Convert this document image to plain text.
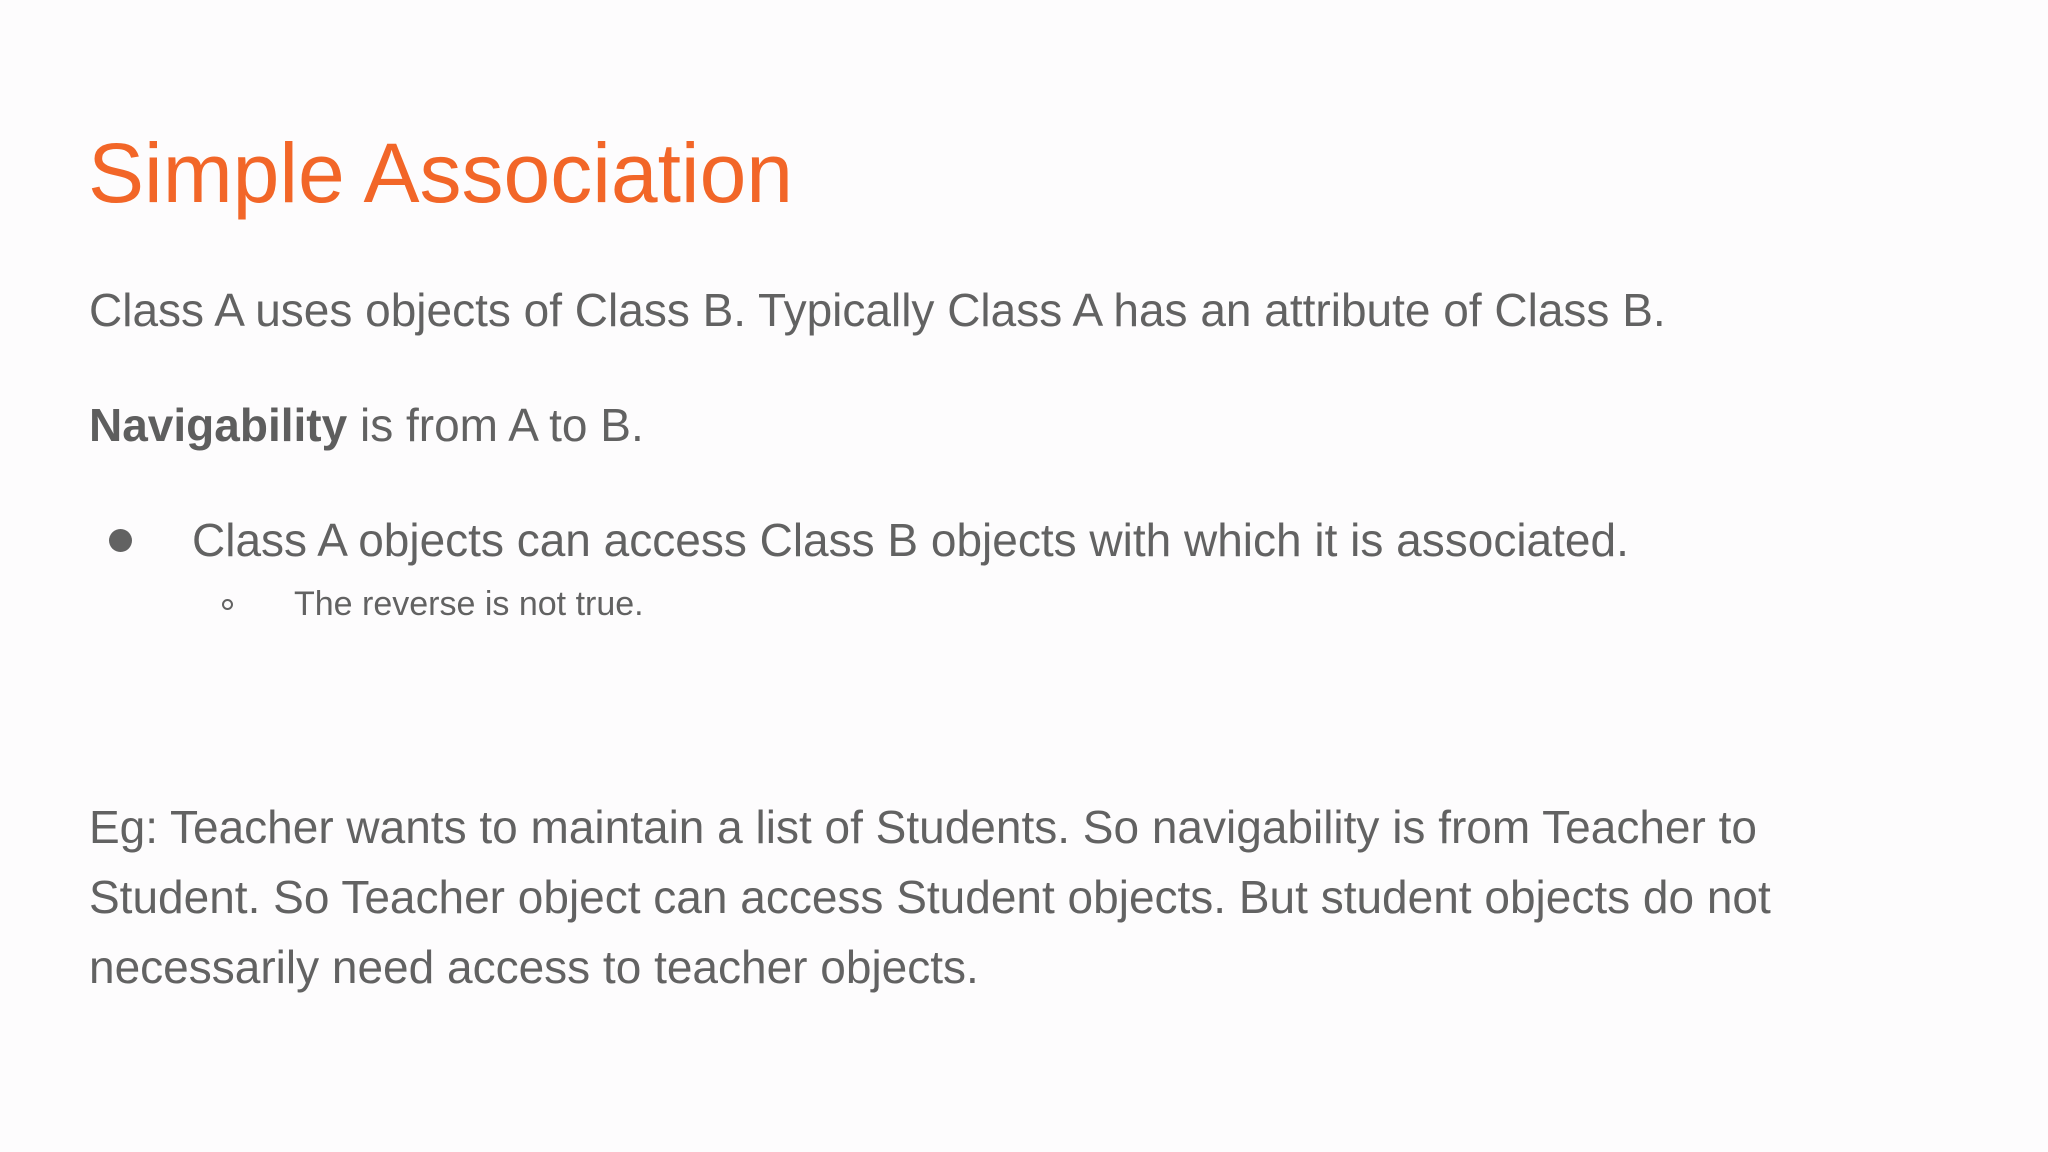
Simple Association

Class A uses objects of Class B. Typically Class A has an attribute of Class B.

Navigability is from A to B.

Class A objects can access Class B objects with which it is associated.
The reverse is not true.

Eg: Teacher wants to maintain a list of Students. So navigability is from Teacher to
Student. So Teacher object can access Student objects. But student objects do not
necessarily need access to teacher objects.
